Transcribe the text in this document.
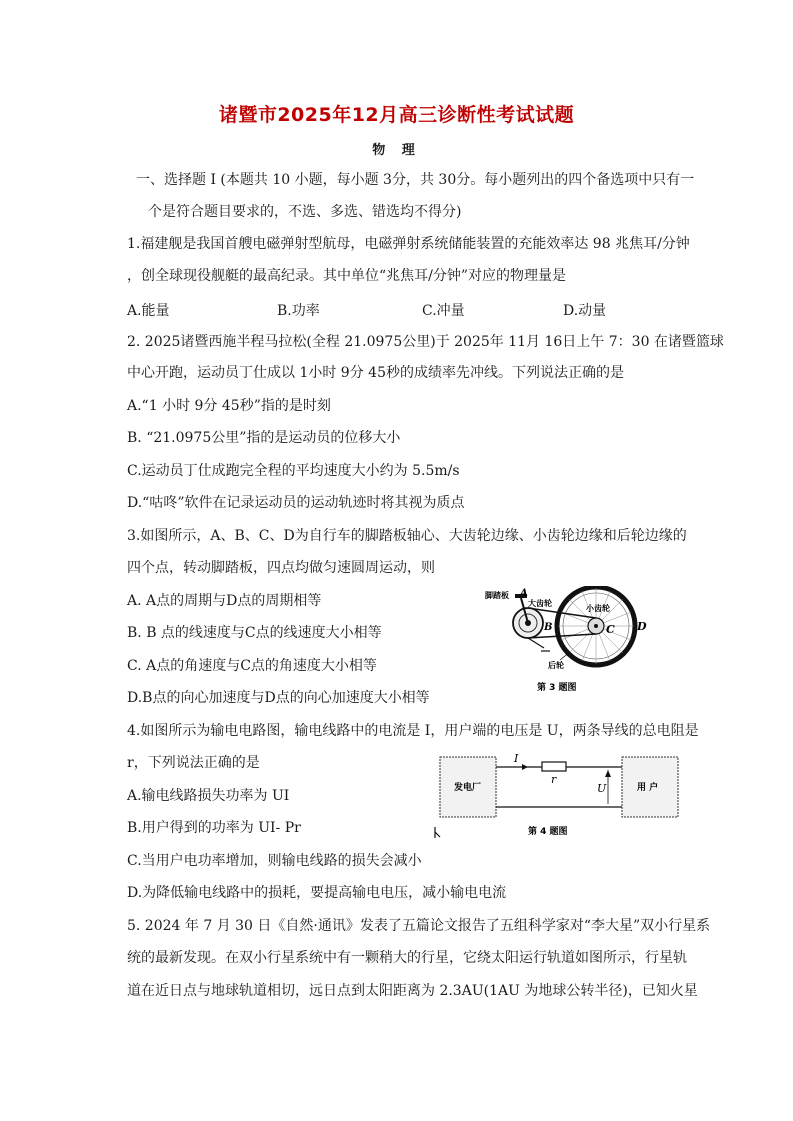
诸暨市2025年12月高三诊断性考试试题
物 理
一、选择题 I (本题共 10 小题，每小题 3分，共 30分。每小题列出的四个备选项中只有一
个是符合题目要求的，不选、多选、错选均不得分)
1.福建舰是我国首艘电磁弹射型航母，电磁弹射系统储能装置的充能效率达 98 兆焦耳/分钟
，创全球现役舰艇的最高纪录。其中单位“兆焦耳/分钟”对应的物理量是
A.能量	B.功率	C.冲量	D.动量
2. 2025诸暨西施半程马拉松(全程 21.0975公里)于 2025年 11月 16日上午 7：30 在诸暨篮球
中心开跑，运动员丁仕成以 1小时 9分 45秒的成绩率先冲线。下列说法正确的是
A.“1 小时 9分 45秒”指的是时刻
B. “21.0975公里”指的是运动员的位移大小
C.运动员丁仕成跑完全程的平均速度大小约为 5.5m/s
D.“咕咚”软件在记录运动员的运动轨迹时将其视为质点
3.如图所示，A、B、C、D为自行车的脚踏板轴心、大齿轮边缘、小齿轮边缘和后轮边缘的
四个点，转动脚踏板，四点均做匀速圆周运动，则
A. A点的周期与D点的周期相等
B. B 点的线速度与C点的线速度大小相等
C. A点的角速度与C点的角速度大小相等
D.B点的向心加速度与D点的向心加速度大小相等
脚踏板 A
大齿轮
B
小齿轮
C D
后轮
第 3 题图
4.如图所示为输电电路图，输电线路中的电流是 I，用户端的电压是 U，两条导线的总电阻是
r，下列说法正确的是
A.输电线路损失功率为 UI
B.用户得到的功率为 UI- Pr
C.当用户电功率增加，则输电线路的损失会减小
D.为降低输电线路中的损耗，要提高输电电压，减小输电电流
发电厂	用 户
I
r
U
第 4 题图
5. 2024 年 7 月 30 日《自然·通讯》发表了五篇论文报告了五组科学家对“李大星”双小行星系
统的最新发现。在双小行星系统中有一颗稍大的行星，它绕太阳运行轨道如图所示，行星轨
道在近日点与地球轨道相切，远日点到太阳距离为 2.3AU(1AU 为地球公转半径)，已知火星
